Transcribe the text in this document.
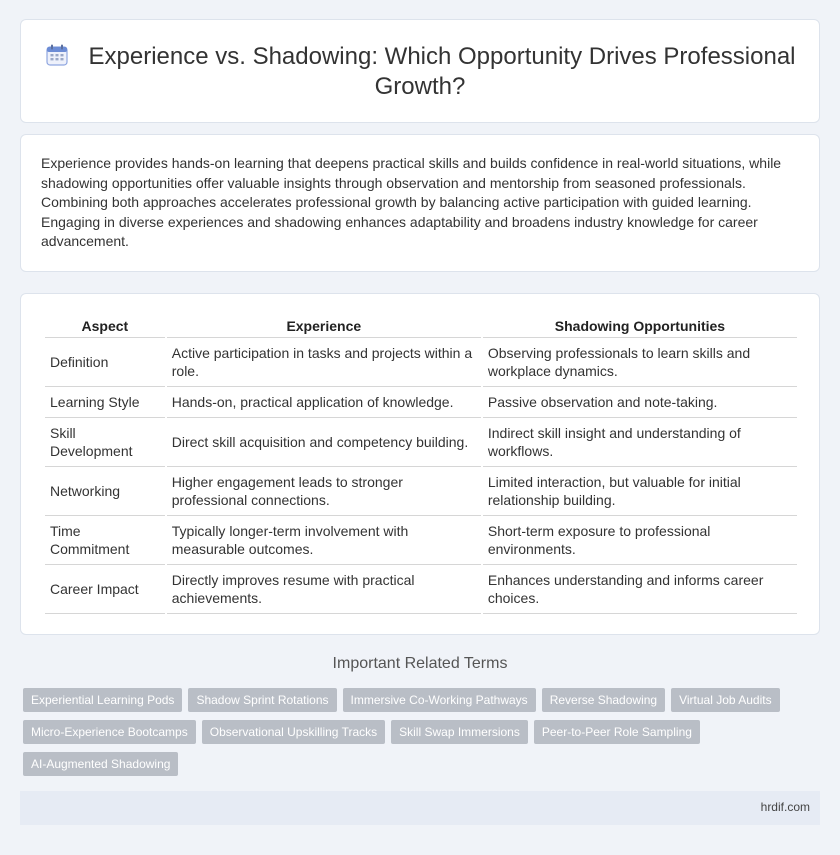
Experience vs. Shadowing: Which Opportunity Drives Professional Growth?

Experience provides hands-on learning that deepens practical skills and builds confidence in real-world situations, while shadowing opportunities offer valuable insights through observation and mentorship from seasoned professionals. Combining both approaches accelerates professional growth by balancing active participation with guided learning. Engaging in diverse experiences and shadowing enhances adaptability and broadens industry knowledge for career advancement.

Aspect	Experience	Shadowing Opportunities
Definition	Active participation in tasks and projects within a role.	Observing professionals to learn skills and workplace dynamics.
Learning Style	Hands-on, practical application of knowledge.	Passive observation and note-taking.
Skill Development	Direct skill acquisition and competency building.	Indirect skill insight and understanding of workflows.
Networking	Higher engagement leads to stronger professional connections.	Limited interaction, but valuable for initial relationship building.
Time Commitment	Typically longer-term involvement with measurable outcomes.	Short-term exposure to professional environments.
Career Impact	Directly improves resume with practical achievements.	Enhances understanding and informs career choices.
Important Related Terms
Experiential Learning Pods	Shadow Sprint Rotations	Immersive Co-Working Pathways	Reverse Shadowing	Virtual Job Audits
Micro-Experience Bootcamps	Observational Upskilling Tracks	Skill Swap Immersions	Peer-to-Peer Role Sampling
AI-Augmented Shadowing
hrdif.com
